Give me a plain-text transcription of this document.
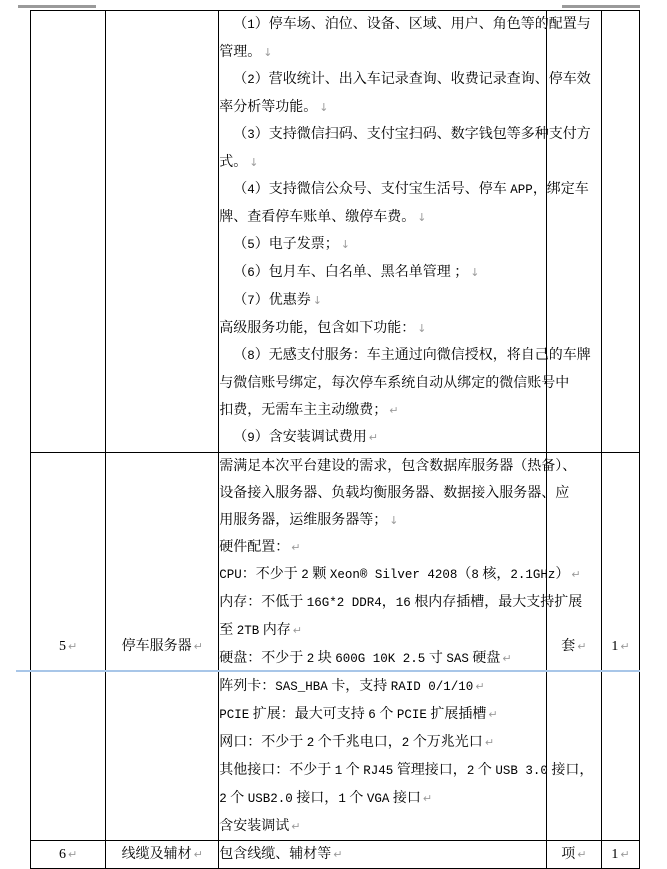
（1）停车场、泊位、设备、区域、用户、角色等的配置与
管理。 ↓
（2）营收统计、出入车记录查询、收费记录查询、停车效
率分析等功能。 ↓
（3）支持微信扫码、支付宝扫码、数字钱包等多种支付方
式。 ↓
（4）支持微信公众号、支付宝生活号、停车 APP，绑定车
牌、查看停车账单、缴停车费。 ↓
（5）电子发票； ↓
（6）包月车、白名单、黑名单管理 ； ↓
（7）优惠券 ↓
高级服务功能，包含如下功能： ↓
（8）无感支付服务：车主通过向微信授权，将自己的车牌
与微信账号绑定，每次停车系统自动从绑定的微信账号中
扣费，无需车主主动缴费； ↵
（9）含安装调试费用 ↵

5 ↵	停车服务器 ↵	
需满足本次平台建设的需求，包含数据库服务器（热备）、
设备接入服务器、负载均衡服务器、数据接入服务器、应
用服务器，运维服务器等； ↓
硬件配置： ↵
CPU：不少于 2 颗 Xeon® Silver 4208（8 核，2.1GHz） ↵
内存：不低于 16G*2 DDR4，16 根内存插槽，最大支持扩展
至 2TB 内存 ↵
硬盘：不少于 2 块 600G 10K 2.5 寸 SAS 硬盘 ↵
阵列卡：SAS_HBA 卡，支持 RAID 0/1/10 ↵
PCIE 扩展：最大可支持 6 个 PCIE 扩展插槽 ↵
网口：不少于 2 个千兆电口，2 个万兆光口 ↵
其他接口：不少于 1 个 RJ45 管理接口，2 个 USB 3.0 接口，
2 个 USB2.0 接口，1 个 VGA 接口 ↵
含安装调试 ↵
	套 ↵	1 ↵
6 ↵	线缆及辅材 ↵	包含线缆、辅材等 ↵	项 ↵	1 ↵
